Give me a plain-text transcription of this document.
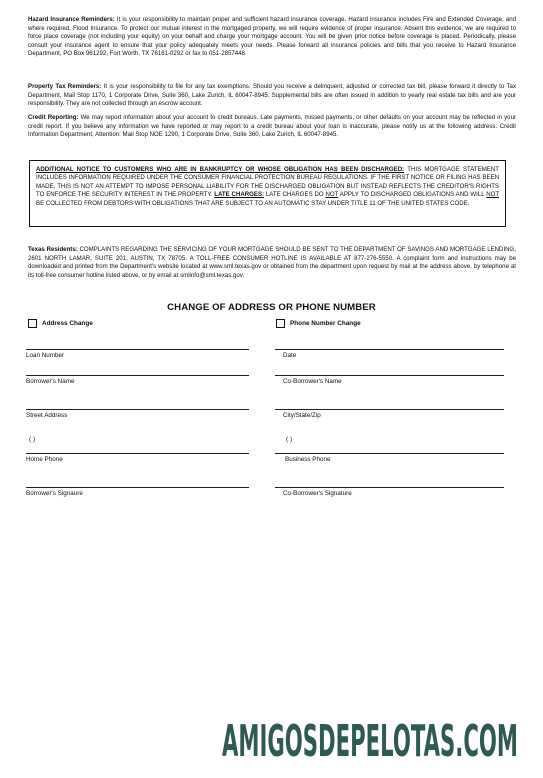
Hazard Insurance Reminders: It is your responsibility to maintain proper and sufficient hazard insurance coverage. Hazard insurance includes Fire and Extended Coverage, and where required, Flood Insurance. To protect our mutual interest in the mortgaged property, we will require evidence of proper insurance. Absent this evidence, we are required to force place coverage (not including your equity) on your behalf and charge your mortgage account. You will be given prior notice before coverage is placed. Periodically, please consult your insurance agent to ensure that your policy adequately meets your needs. Please forward all insurance policies and bills that you receive to Hazard Insurance Department, PO Box 961292, Fort Worth, TX 76161-0292 or fax to 051-2857448.

Property Tax Reminders: It is your responsibility to file for any tax exemptions. Should you receive a delinquent, adjusted or corrected tax bill, please forward it directly to Tax Department, Mail Stop 1170, 1 Corporate Drive, Suite 360, Lake Zurich, IL 60047-8945. Supplemental bills are often issued in addition to yearly real estate tax bills and are your responsibility. They are not collected through an escrow account.

Credit Reporting: We may report information about your account to credit bureaus. Late payments, missed payments, or other defaults on your account may be reflected in your credit report. If you believe any information we have reported or may report to a credit bureau about your loan is inaccurate, please notify us at the following address: Credit Information Department, Attention: Mail Stop NOE 1290, 1 Corporate Drive, Suite 360, Lake Zurich, IL 60047-8945.

ADDITIONAL NOTICE TO CUSTOMERS WHO ARE IN BANKRUPTCY OR WHOSE OBLIGATION HAS BEEN DISCHARGED: THIS MORTGAGE STATEMENT INCLUDES INFORMATION REQUIRED UNDER THE CONSUMER FINANCIAL PROTECTION BUREAU REGULATIONS. IF THE FIRST NOTICE OR FILING HAS BEEN MADE, THIS IS NOT AN ATTEMPT TO IMPOSE PERSONAL LIABILITY FOR THE DISCHARGED OBLIGATION BUT INSTEAD REFLECTS THE CREDITOR'S RIGHTS TO ENFORCE THE SECURITY INTEREST IN THE PROPERTY. LATE CHARGES: LATE CHARGES DO NOT APPLY TO DISCHARGED OBLIGATIONS AND WILL NOT BE COLLECTED FROM DEBTORS WITH OBLIGATIONS THAT ARE SUBJECT TO AN AUTOMATIC STAY UNDER TITLE 11 OF THE UNITED STATES CODE.

Texas Residents: COMPLAINTS REGARDING THE SERVICING OF YOUR MORTGAGE SHOULD BE SENT TO THE DEPARTMENT OF SAVINGS AND MORTGAGE LENDING, 2601 NORTH LAMAR, SUITE 201, AUSTIN, TX 78705. A TOLL-FREE CONSUMER HOTLINE IS AVAILABLE AT 877-276-5550. A complaint form and instructions may be downloaded and printed from the Department's website located at www.sml.texas.gov or obtained from the department upon request by mail at the address above, by telephone at its toll-free consumer hotline listed above, or by email at smlinfo@sml.texas.gov.

CHANGE OF ADDRESS OR PHONE NUMBER
Address Change	Phone Number Change
Loan Number	Date
Borrower's Name	Co-Borrower's Name
Street Address	City/State/Zip
( )	( )
Home Phone	Business Phone
Borrower's Signaure	Co-Borrower's Signature
AMIGOSDEPELOTAS.COM
